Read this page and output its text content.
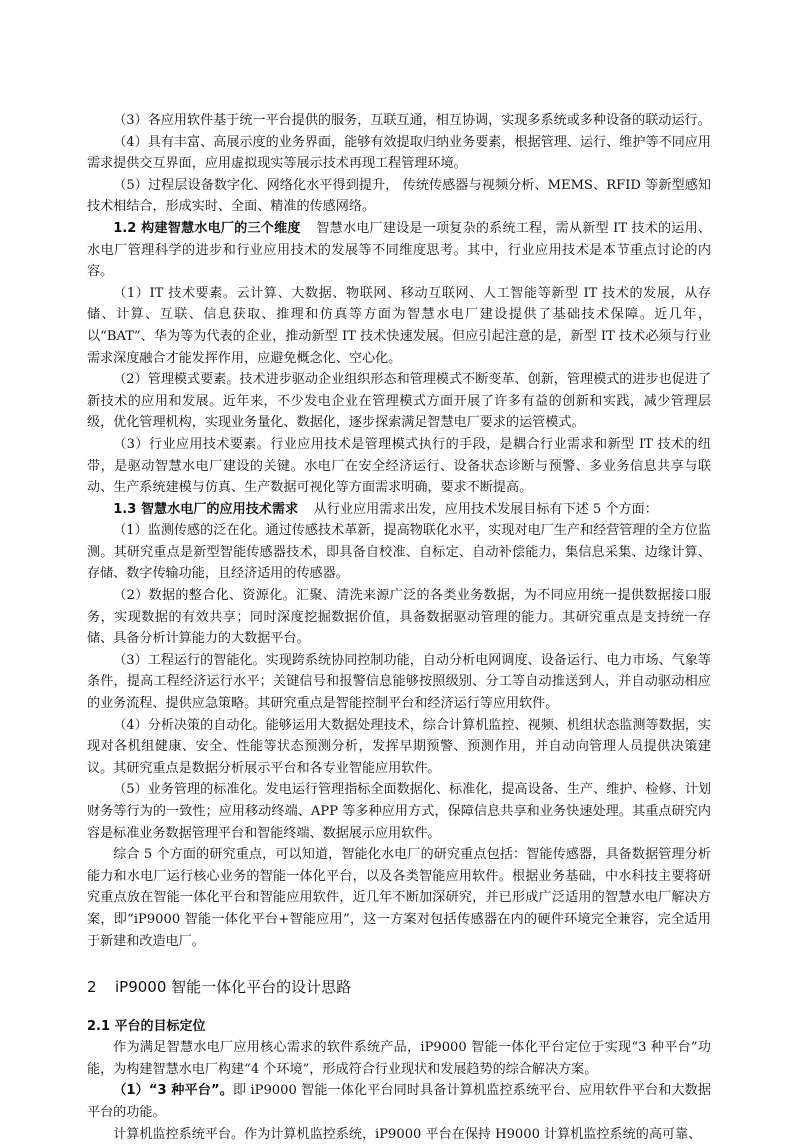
（3）各应用软件基于统一平台提供的服务，互联互通，相互协调，实现多系统或多种设备的联动运行。

（4）具有丰富、高展示度的业务界面，能够有效提取归纳业务要素，根据管理、运行、维护等不同应用需求提供交互界面，应用虚拟现实等展示技术再现工程管理环境。

（5）过程层设备数字化、网络化水平得到提升， 传统传感器与视频分析、MEMS、RFID 等新型感知技术相结合，形成实时、全面、精准的传感网络。

1.2 构建智慧水电厂的三个维度 智慧水电厂建设是一项复杂的系统工程，需从新型 IT 技术的运用、水电厂管理科学的进步和行业应用技术的发展等不同维度思考。其中，行业应用技术是本节重点讨论的内容。

（1）IT 技术要素。云计算、大数据、物联网、移动互联网、人工智能等新型 IT 技术的发展，从存储、计算、互联、信息获取、推理和仿真等方面为智慧水电厂建设提供了基础技术保障。近几年，以“BAT”、华为等为代表的企业，推动新型 IT 技术快速发展。但应引起注意的是，新型 IT 技术必须与行业需求深度融合才能发挥作用，应避免概念化、空心化。

（2）管理模式要素。技术进步驱动企业组织形态和管理模式不断变革、创新，管理模式的进步也促进了新技术的应用和发展。近年来，不少发电企业在管理模式方面开展了许多有益的创新和实践，减少管理层级，优化管理机构，实现业务量化、数据化，逐步探索满足智慧电厂要求的运管模式。

（3）行业应用技术要素。行业应用技术是管理模式执行的手段，是耦合行业需求和新型 IT 技术的纽带，是驱动智慧水电厂建设的关键。水电厂在安全经济运行、设备状态诊断与预警、多业务信息共享与联动、生产系统建模与仿真、生产数据可视化等方面需求明确，要求不断提高。

1.3 智慧水电厂的应用技术需求 从行业应用需求出发，应用技术发展目标有下述 5 个方面：

（1）监测传感的泛在化。通过传感技术革新，提高物联化水平，实现对电厂生产和经营管理的全方位监测。其研究重点是新型智能传感器技术，即具备自校准、自标定、自动补偿能力，集信息采集、边缘计算、存储、数字传输功能，且经济适用的传感器。

（2）数据的整合化、资源化。汇聚、清洗来源广泛的各类业务数据，为不同应用统一提供数据接口服务，实现数据的有效共享；同时深度挖掘数据价值，具备数据驱动管理的能力。其研究重点是支持统一存储、具备分析计算能力的大数据平台。

（3）工程运行的智能化。实现跨系统协同控制功能，自动分析电网调度、设备运行、电力市场、气象等条件，提高工程经济运行水平；关键信号和报警信息能够按照级别、分工等自动推送到人，并自动驱动相应的业务流程、提供应急策略。其研究重点是智能控制平台和经济运行等应用软件。

（4）分析决策的自动化。能够运用大数据处理技术，综合计算机监控、视频、机组状态监测等数据，实现对各机组健康、安全、性能等状态预测分析，发挥早期预警、预测作用，并自动向管理人员提供决策建议。其研究重点是数据分析展示平台和各专业智能应用软件。

（5）业务管理的标准化。发电运行管理指标全面数据化、标准化，提高设备、生产、维护、检修、计划财务等行为的一致性；应用移动终端、APP 等多种应用方式，保障信息共享和业务快速处理。其重点研究内容是标准业务数据管理平台和智能终端、数据展示应用软件。

综合 5 个方面的研究重点，可以知道，智能化水电厂的研究重点包括：智能传感器，具备数据管理分析能力和水电厂运行核心业务的智能一体化平台，以及各类智能应用软件。根据业务基础，中水科技主要将研究重点放在智能一体化平台和智能应用软件，近几年不断加深研究，并已形成广泛适用的智慧水电厂解决方案，即“iP9000 智能一体化平台+智能应用”，这一方案对包括传感器在内的硬件环境完全兼容，完全适用于新建和改造电厂。

2 iP9000 智能一体化平台的设计思路
2.1 平台的目标定位

作为满足智慧水电厂应用核心需求的软件系统产品，iP9000 智能一体化平台定位于实现“3 种平台”功能，为构建智慧水电厂构建“4 个环境”，形成符合行业现状和发展趋势的综合解决方案。

（1）“3 种平台”。即 iP9000 智能一体化平台同时具备计算机监控系统平台、应用软件平台和大数据平台的功能。

计算机监控系统平台。作为计算机监控系统，iP9000 平台在保持 H9000 计算机监控系统的高可靠、
